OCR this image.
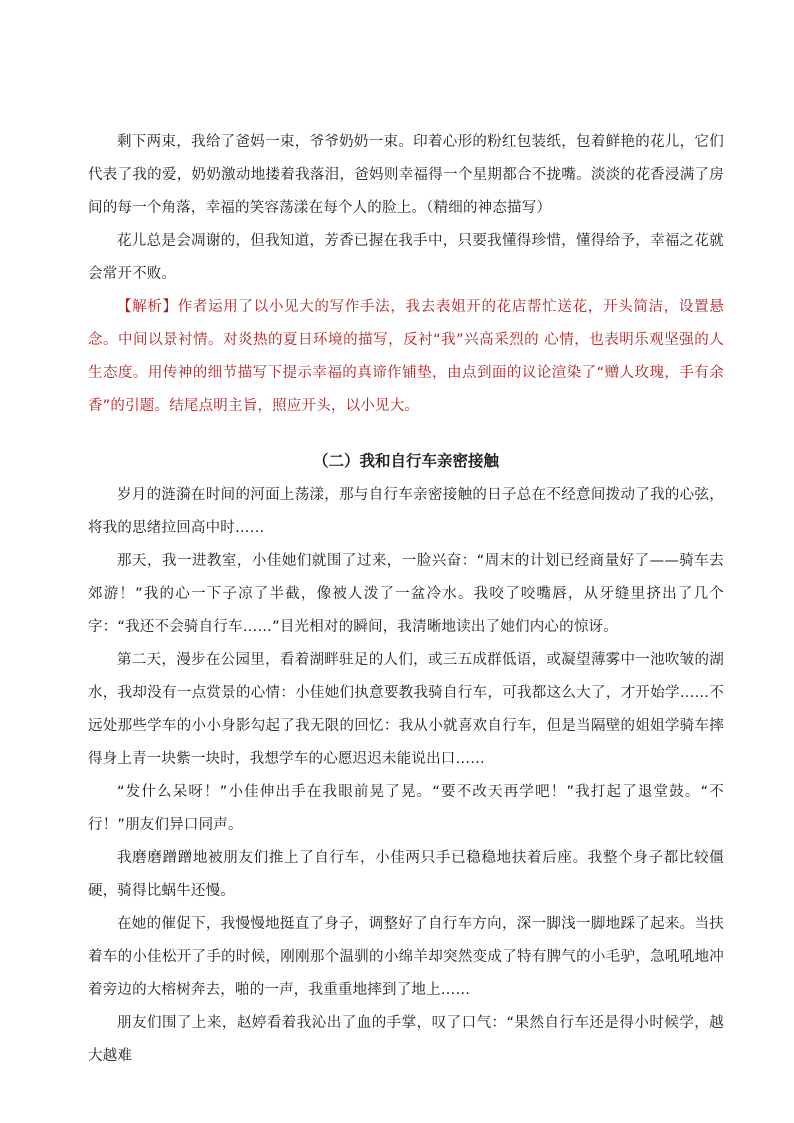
剩下两束，我给了爸妈一束，爷爷奶奶一束。印着心形的粉红包装纸，包着鲜艳的花儿，它们代表了我的爱，奶奶激动地搂着我落泪，爸妈则幸福得一个星期都合不拢嘴。淡淡的花香浸满了房间的每一个角落，幸福的笑容荡漾在每个人的脸上。（精细的神态描写）

花儿总是会凋谢的，但我知道，芳香已握在我手中，只要我懂得珍惜，懂得给予，幸福之花就会常开不败。

【解析】作者运用了以小见大的写作手法，我去表姐开的花店帮忙送花，开头简洁，设置悬念。中间以景衬情。对炎热的夏日环境的描写，反衬“我”兴高采烈的 心情，也表明乐观坚强的人生态度。用传神的细节描写下提示幸福的真谛作铺垫，由点到面的议论渲染了“赠人玫瑰，手有余香”的引题。结尾点明主旨，照应开头，以小见大。

（二）我和自行车亲密接触

岁月的涟漪在时间的河面上荡漾，那与自行车亲密接触的日子总在不经意间拨动了我的心弦，将我的思绪拉回高中时……

那天，我一进教室，小佳她们就围了过来，一脸兴奋：“周末的计划已经商量好了——骑车去郊游！”我的心一下子凉了半截，像被人泼了一盆冷水。我咬了咬嘴唇，从牙缝里挤出了几个字：“我还不会骑自行车……”目光相对的瞬间，我清晰地读出了她们内心的惊讶。

第二天，漫步在公园里，看着湖畔驻足的人们，或三五成群低语，或凝望薄雾中一池吹皱的湖水，我却没有一点赏景的心情：小佳她们执意要教我骑自行车，可我都这么大了，才开始学……不远处那些学车的小小身影勾起了我无限的回忆：我从小就喜欢自行车，但是当隔壁的姐姐学骑车摔得身上青一块紫一块时，我想学车的心愿迟迟未能说出口……

“发什么呆呀！”小佳伸出手在我眼前晃了晃。“要不改天再学吧！”我打起了退堂鼓。“不行！”朋友们异口同声。

我磨磨蹭蹭地被朋友们推上了自行车，小佳两只手已稳稳地扶着后座。我整个身子都比较僵硬，骑得比蜗牛还慢。

在她的催促下，我慢慢地挺直了身子，调整好了自行车方向，深一脚浅一脚地踩了起来。当扶着车的小佳松开了手的时候，刚刚那个温驯的小绵羊却突然变成了特有脾气的小毛驴，急吼吼地冲着旁边的大榕树奔去，啪的一声，我重重地摔到了地上……

朋友们围了上来，赵婷看着我沁出了血的手掌，叹了口气：“果然自行车还是得小时候学，越大越难
